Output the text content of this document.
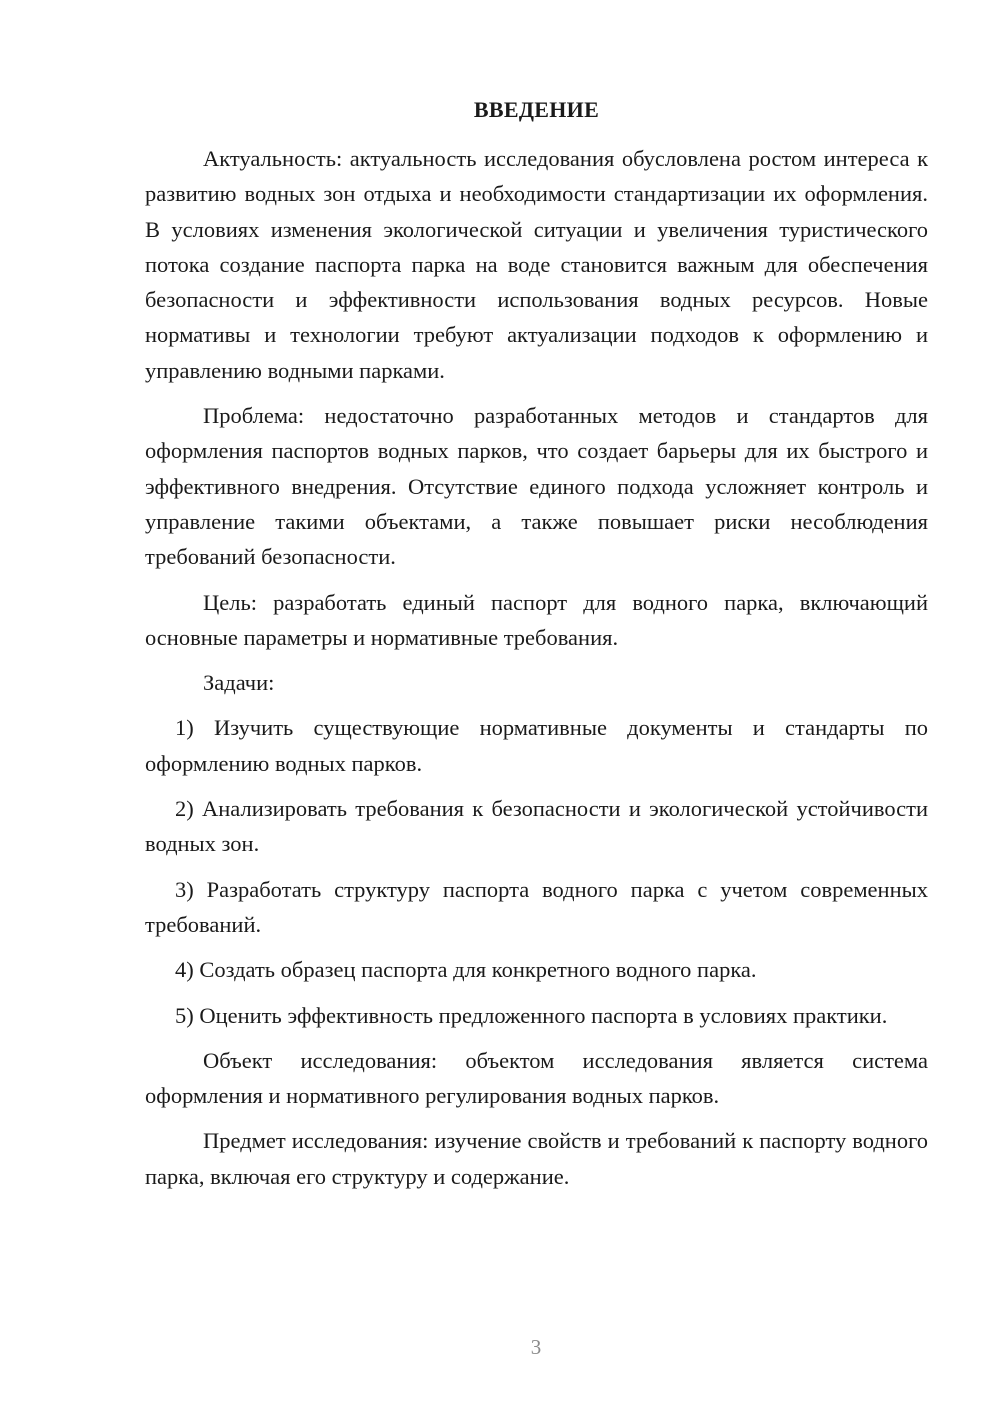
ВВЕДЕНИЕ

Актуальность: актуальность исследования обусловлена ростом интереса к развитию водных зон отдыха и необходимости стандартизации их оформления. В условиях изменения экологической ситуации и увеличения туристического потока создание паспорта парка на воде становится важным для обеспечения безопасности и эффективности использования водных ресурсов. Новые нормативы и технологии требуют актуализации подходов к оформлению и управлению водными парками.

Проблема: недостаточно разработанных методов и стандартов для оформления паспортов водных парков, что создает барьеры для их быстрого и эффективного внедрения. Отсутствие единого подхода усложняет контроль и управление такими объектами, а также повышает риски несоблюдения требований безопасности.

Цель: разработать единый паспорт для водного парка, включающий основные параметры и нормативные требования.

Задачи:

1) Изучить существующие нормативные документы и стандарты по оформлению водных парков.

2) Анализировать требования к безопасности и экологической устойчивости водных зон.

3) Разработать структуру паспорта водного парка с учетом современных требований.

4) Создать образец паспорта для конкретного водного парка.

5) Оценить эффективность предложенного паспорта в условиях практики.

Объект исследования: объектом исследования является система оформления и нормативного регулирования водных парков.

Предмет исследования: изучение свойств и требований к паспорту водного парка, включая его структуру и содержание.

3
